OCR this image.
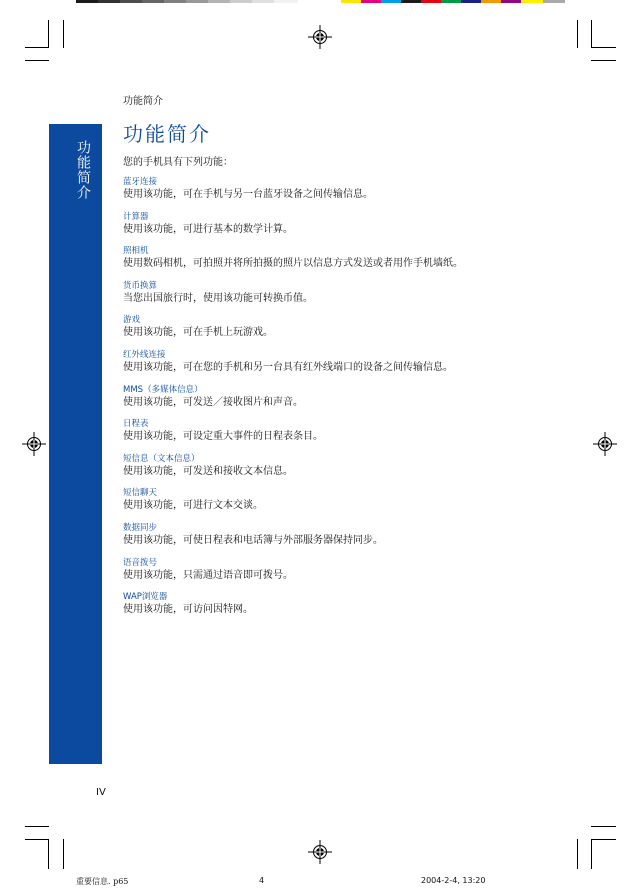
功能简介
功能简介
功能简介
您的手机具有下列功能：
蓝牙连接
使用该功能，可在手机与另一台蓝牙设备之间传输信息。
计算器
使用该功能，可进行基本的数学计算。
照相机
使用数码相机，可拍照并将所拍摄的照片以信息方式发送或者用作手机墙纸。
货币换算
当您出国旅行时，使用该功能可转换币值。
游戏
使用该功能，可在手机上玩游戏。
红外线连接
使用该功能，可在您的手机和另一台具有红外线端口的设备之间传输信息。
MMS（多媒体信息）
使用该功能，可发送／接收图片和声音。
日程表
使用该功能，可设定重大事件的日程表条目。
短信息（文本信息）
使用该功能，可发送和接收文本信息。
短信聊天
使用该功能，可进行文本交谈。
数据同步
使用该功能，可使日程表和电话簿与外部服务器保持同步。
语音拨号
使用该功能，只需通过语音即可拨号。
WAP浏览器
使用该功能，可访问因特网。
IV
重要信息. p65	4	2004-2-4, 13:20
